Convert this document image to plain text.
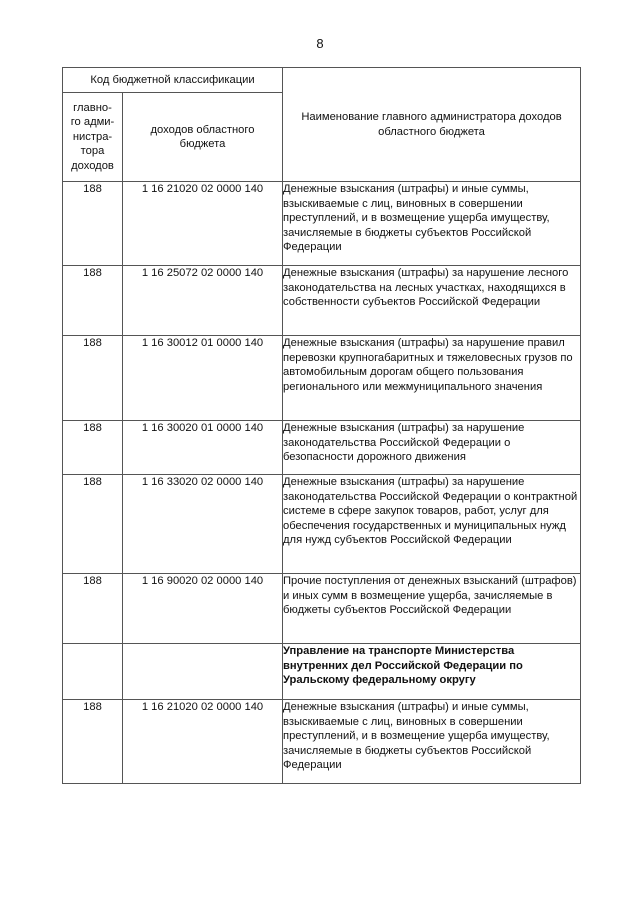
8
Код бюджетной классификации		Наименование главного администратора доходов областного бюджета
главно-го адми-нистра-тора доходов	доходов областного бюджета	
188	1 16 21020 02 0000 140	Денежные взыскания (штрафы) и иные суммы, взыскиваемые с лиц, виновных в совершении преступлений, и в возмещение ущерба имуществу, зачисляемые в бюджеты субъектов Российской Федерации
188	1 16 25072 02 0000 140	Денежные взыскания (штрафы) за нарушение лесного законодательства на лесных участках, находящихся в собственности субъектов Российской Федерации
188	1 16 30012 01 0000 140	Денежные взыскания (штрафы) за нарушение правил перевозки крупногабаритных и тяжеловесных грузов по автомобильным дорогам общего пользования регионального или межмуниципального значения
188	1 16 30020 01 0000 140	Денежные взыскания (штрафы) за нарушение законодательства Российской Федерации о безопасности дорожного движения
188	1 16 33020 02 0000 140	Денежные взыскания (штрафы) за нарушение законодательства Российской Федерации о контрактной системе в сфере закупок товаров, работ, услуг для обеспечения государственных и муниципальных нужд для нужд субъектов Российской Федерации
188	1 16 90020 02 0000 140	Прочие поступления от денежных взысканий (штрафов) и иных сумм в возмещение ущерба, зачисляемые в бюджеты субъектов Российской Федерации
		Управление на транспорте Министерства внутренних дел Российской Федерации по Уральскому федеральному округу
188	1 16 21020 02 0000 140	Денежные взыскания (штрафы) и иные суммы, взыскиваемые с лиц, виновных в совершении преступлений, и в возмещение ущерба имуществу, зачисляемые в бюджеты субъектов Российской Федерации
